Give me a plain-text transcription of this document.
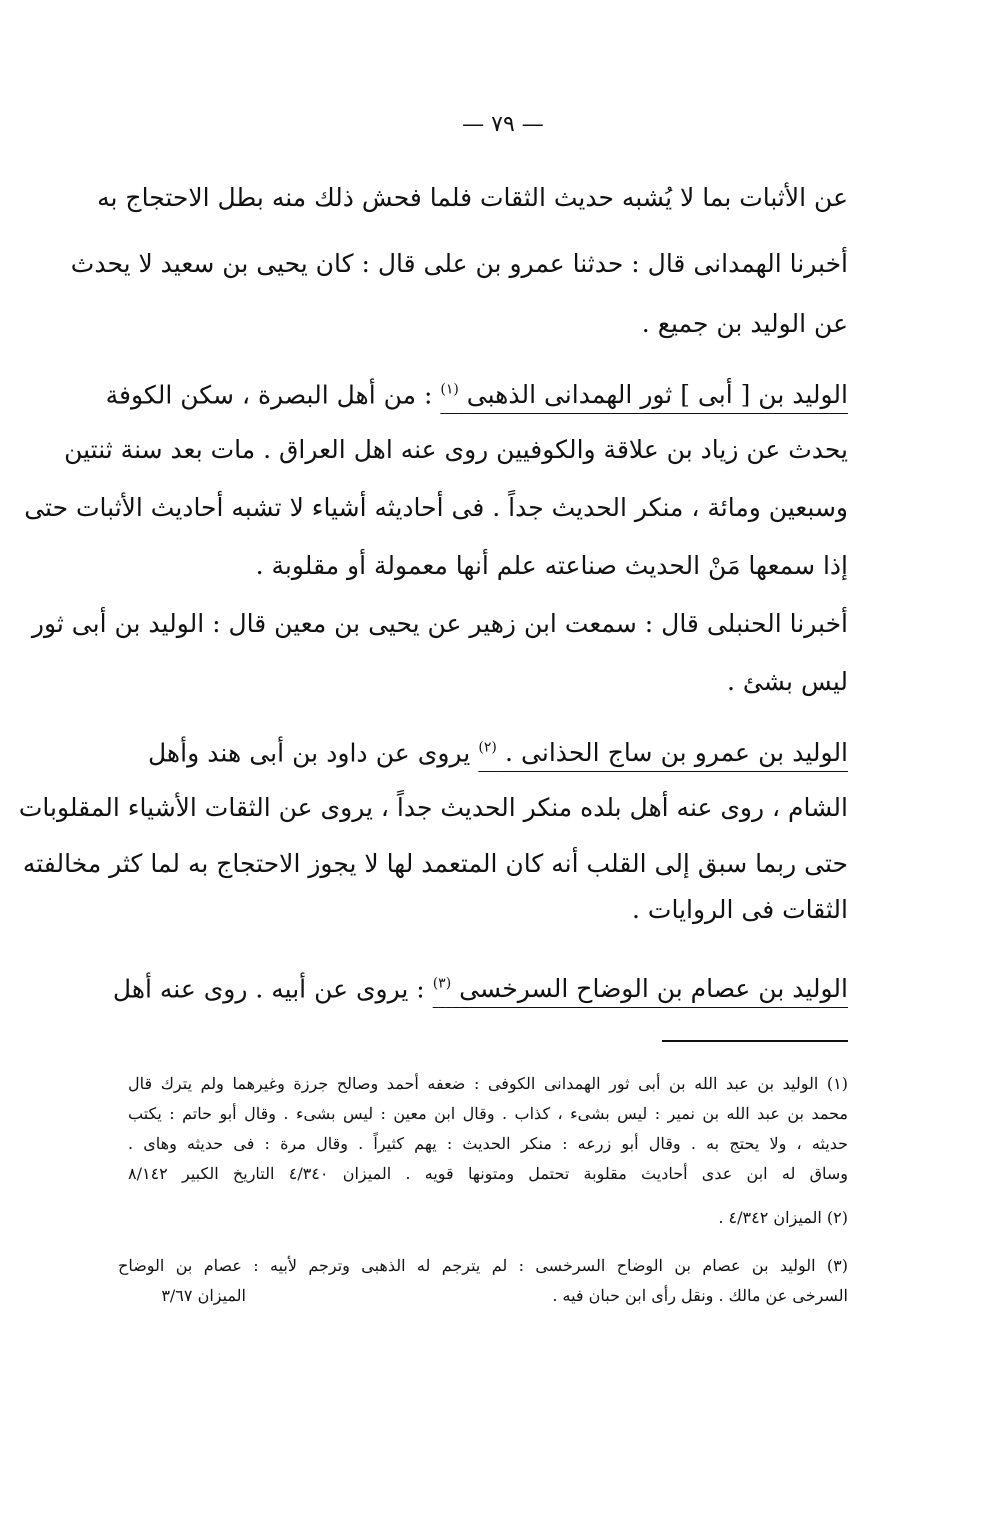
— ٧٩ —
عن الأثبات بما لا يُشبه حديث الثقات فلما فحش ذلك منه بطل الاحتجاج به
أخبرنا الهمدانى قال : حدثنا عمرو بن على قال : كان يحيى بن سعيد لا يحدث
عن الوليد بن جميع .
الوليد بن [ أبى ] ثور الهمدانى الذهبى $^{(١)}$ : من أهل البصرة ، سكن الكوفة
يحدث عن زياد بن علاقة والكوفيين روى عنه اهل العراق . مات بعد سنة ثنتين
وسبعين ومائة ، منكر الحديث جداً . فى أحاديثه أشياء لا تشبه أحاديث الأثبات حتى
إذا سمعها مَنْ الحديث صناعته علم أنها معمولة أو مقلوبة .
أخبرنا الحنبلى قال : سمعت ابن زهير عن يحيى بن معين قال : الوليد بن أبى ثور
ليس بشئ .
الوليد بن عمرو بن ساج الحذانى . $^{(٢)}$ يروى عن داود بن أبى هند وأهل
الشام ، روى عنه أهل بلده منكر الحديث جداً ، يروى عن الثقات الأشياء المقلوبات
حتى ربما سبق إلى القلب أنه كان المتعمد لها لا يجوز الاحتجاج به لما كثر مخالفته
الثقات فى الروايات .
الوليد بن عصام بن الوضاح السرخسى $^{(٣)}$ : يروى عن أبيه . روى عنه أهل
(١) الوليد بن عبد الله بن أبى ثور الهمدانى الكوفى : ضعفه أحمد وصالح جرزة وغيرهما ولم يترك قال
محمد بن عبد الله بن نمير : ليس بشىء ، كذاب . وقال ابن معين : ليس بشىء . وقال أبو حاتم : يكتب
حديثه ، ولا يحتج به . وقال أبو زرعه : منكر الحديث : يهم كثيراً . وقال مرة : فى حديثه وهاى .
وساق له ابن عدى أحاديث مقلوبة تحتمل ومتونها قويه . الميزان ٤/٣٤٠ التاريخ الكبير ٨/١٤٢
(٢) الميزان ٤/٣٤٢ .
(٣) الوليد بن عصام بن الوضاح السرخسى : لم يترجم له الذهبى وترجم لأبيه : عصام بن الوضاح
السرخى عن مالك . ونقل رأى ابن حبان فيه .
الميزان ٣/٦٧
